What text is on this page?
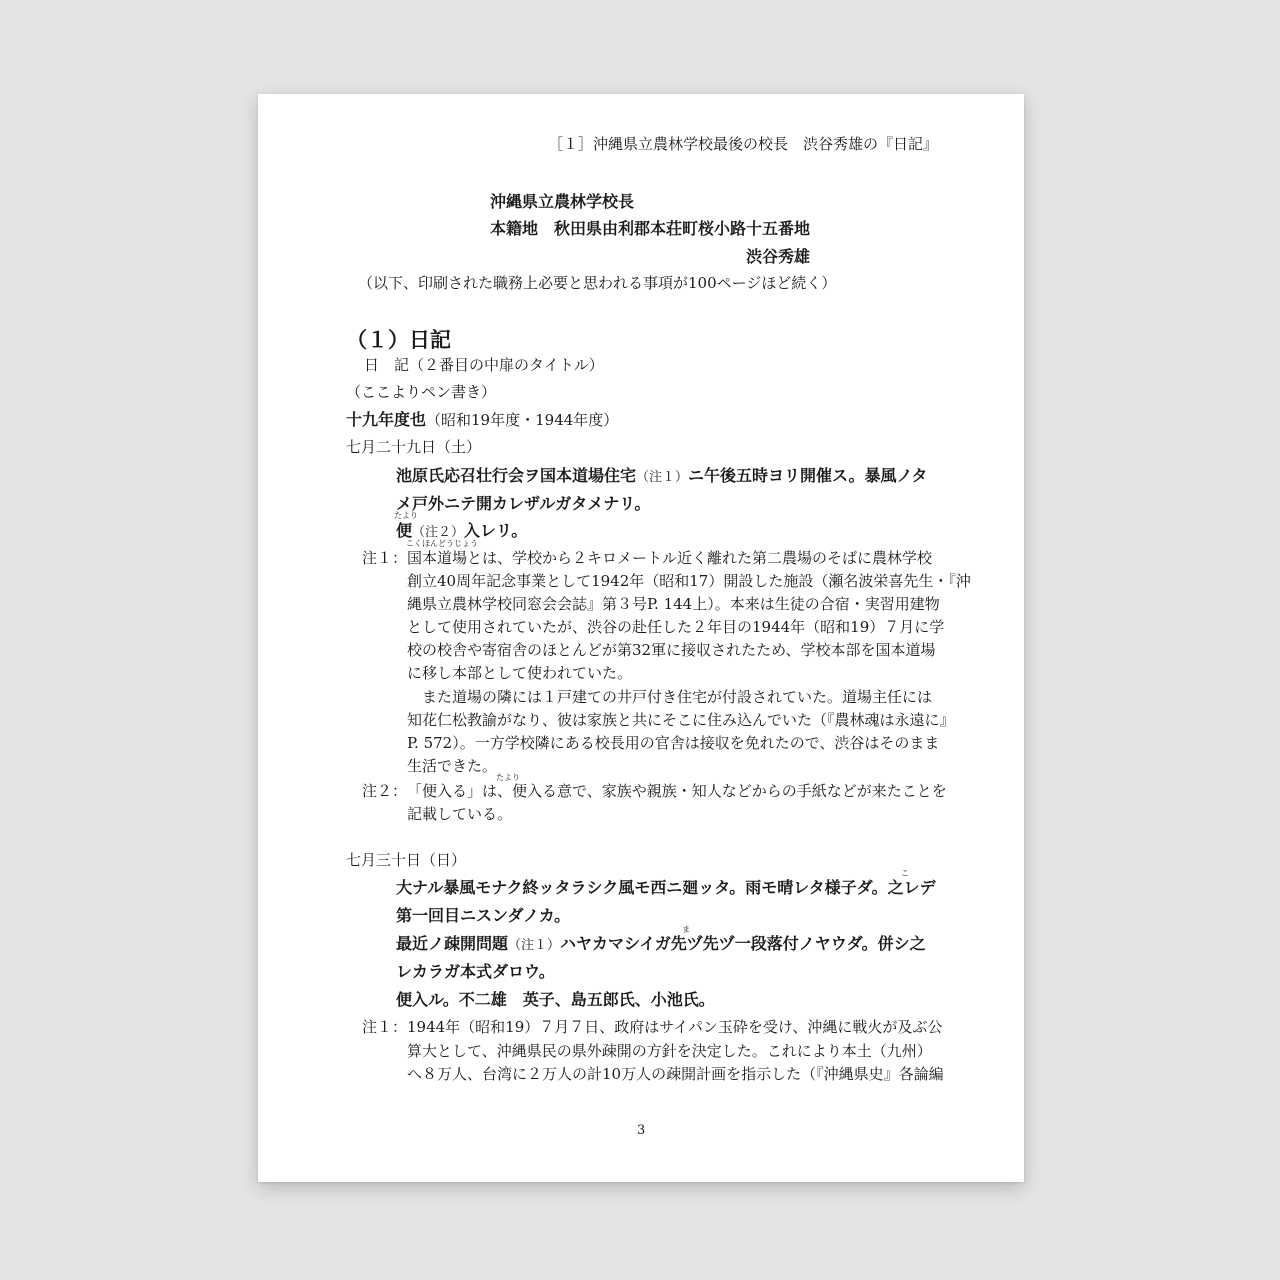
［１］沖縄県立農林学校最後の校長　渋谷秀雄の『日記』
沖縄県立農林学校長
本籍地　秋田県由利郡本荘町桜小路十五番地
渋谷秀雄
（以下、印刷された職務上必要と思われる事項が100ページほど続く）
（１）日記
日　記（２番目の中扉のタイトル）
（ここよりペン書き）
十九年度也（昭和19年度・1944年度）
七月二十九日（土）
池原氏応召壮行会ヲ国本道場住宅（注１）ニ午後五時ヨリ開催ス。暴風ノタ
メ戸外ニテ開カレザルガタメナリ。
たより
便（注２）入レリ。
注１：
こくほんどうじょう
国本道場とは、学校から２キロメートル近く離れた第二農場のそばに農林学校
創立40周年記念事業として1942年（昭和17）開設した施設（瀬名波栄喜先生・『沖
縄県立農林学校同窓会会誌』第３号P. 144上）。本来は生徒の合宿・実習用建物
として使用されていたが、渋谷の赴任した２年目の1944年（昭和19）７月に学
校の校舎や寄宿舎のほとんどが第32軍に接収されたため、学校本部を国本道場
に移し本部として使われていた。
　また道場の隣には１戸建ての井戸付き住宅が付設されていた。道場主任には
知花仁松教諭がなり、彼は家族と共にそこに住み込んでいた（『農林魂は永遠に』
P. 572）。一方学校隣にある校長用の官舎は接収を免れたので、渋谷はそのまま
生活できた。
注２：
たより
「便入る」は、便入る意で、家族や親族・知人などからの手紙などが来たことを
記載している。
七月三十日（日）
こ
大ナル暴風モナク終ッタラシク風モ西ニ廻ッタ。雨モ晴レタ様子ダ。之レデ
第一回目ニスンダノカ。
ま
最近ノ疎開問題（注１）ハヤカマシイガ先ヅ先ヅ一段落付ノヤウダ。併シ之
レカラガ本式ダロウ。
便入ル。不二雄　英子、島五郎氏、小池氏。
注１： 1944年（昭和19）７月７日、政府はサイパン玉砕を受け、沖縄に戦火が及ぶ公
算大として、沖縄県民の県外疎開の方針を決定した。これにより本土（九州）
へ８万人、台湾に２万人の計10万人の疎開計画を指示した（『沖縄県史』各論編
3
